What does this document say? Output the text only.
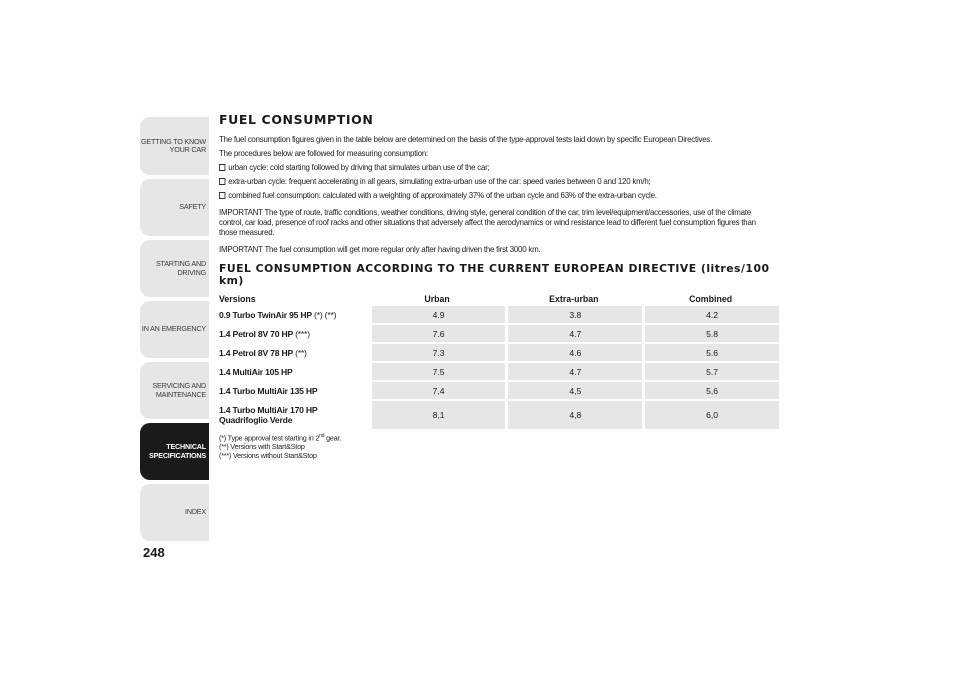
GETTING TO KNOW
YOUR CAR
SAFETY
STARTING AND
DRIVING
IN AN EMERGENCY
SERVICING AND
MAINTENANCE
TECHNICAL
SPECIFICATIONS
INDEX
248
FUEL CONSUMPTION
The fuel consumption figures given in the table below are determined on the basis of the type-approval tests laid down by specific European Directives.
The procedures below are followed for measuring consumption:
urban cycle: cold starting followed by driving that simulates urban use of the car;
extra-urban cycle: frequent accelerating in all gears, simulating extra-urban use of the car: speed varies between 0 and 120 km/h;
combined fuel consumption: calculated with a weighting of approximately 37% of the urban cycle and 63% of the extra-urban cycle.
IMPORTANT The type of route, traffic conditions, weather conditions, driving style, general condition of the car, trim level/equipment/accessories, use of the climate control, car load, presence of roof racks and other situations that adversely affect the aerodynamics or wind resistance lead to different fuel consumption figures than those measured.
IMPORTANT The fuel consumption will get more regular only after having driven the first 3000 km.
FUEL CONSUMPTION ACCORDING TO THE CURRENT EUROPEAN DIRECTIVE (litres/100 km)
Versions	Urban	Extra-urban	Combined
0.9 Turbo TwinAir 95 HP (*) (**)	4.9	3.8	4.2
1.4 Petrol 8V 70 HP (***)	7.6	4.7	5.8
1.4 Petrol 8V 78 HP (**)	7.3	4.6	5.6
1.4 MultiAir 105 HP	7.5	4.7	5.7
1.4 Turbo MultiAir 135 HP	7,4	4,5	5,6
1.4 Turbo MultiAir 170 HP Quadrifoglio Verde	8,1	4,8	6,0
(*) Type approval test starting in 2nd gear.
(**) Versions with Start&Stop
(***) Versions without Start&Stop
